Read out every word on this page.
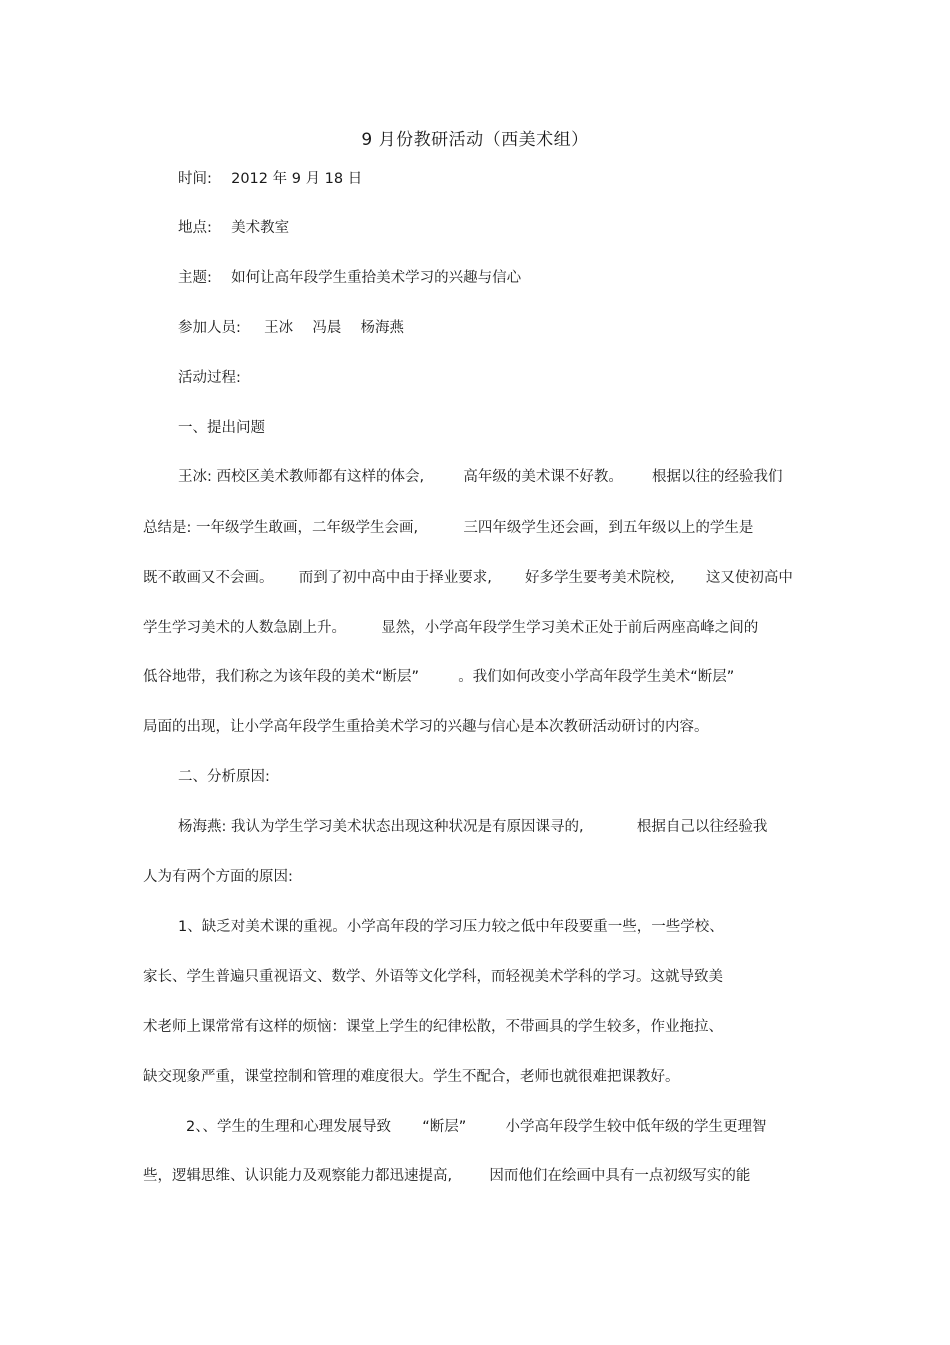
9 月份教研活动（西美术组）
时间: 2012 年 9 月 18 日
地点: 美术教室
主题: 如何让高年段学生重拾美术学习的兴趣与信心
参加人员: 王冰 冯晨 杨海燕
活动过程:
一、提出问题
王冰: 西校区美术教师都有这样的体会,	高年级的美术课不好教。 根据以往的经验我们
总结是: 一年级学生敢画，二年级学生会画,	三四年级学生还会画，到五年级以上的学生是
既不敢画又不会画。 而到了初中高中由于择业要求, 好多学生要考美术院校, 这又使初高中
学生学习美术的人数急剧上升。 显然，小学高年段学生学习美术正处于前后两座高峰之间的
低谷地带，我们称之为该年段的美术“断层”	。我们如何改变小学高年段学生美术“断层”
局面的出现，让小学高年段学生重拾美术学习的兴趣与信心是本次教研活动研讨的内容。
二、分析原因:
杨海燕: 我认为学生学习美术状态出现这种状况是有原因课寻的,	根据自己以往经验我
人为有两个方面的原因:
1、缺乏对美术课的重视。小学高年段的学习压力较之低中年段要重一些，一些学校、
家长、学生普遍只重视语文、数学、外语等文化学科，而轻视美术学科的学习。这就导致美
术老师上课常常有这样的烦恼：课堂上学生的纪律松散，不带画具的学生较多，作业拖拉、
缺交现象严重，课堂控制和管理的难度很大。学生不配合，老师也就很难把课教好。
2、、学生的生理和心理发展导致 “断层”	小学高年段学生较中低年级的学生更理智
些，逻辑思维、认识能力及观察能力都迅速提高,	因而他们在绘画中具有一点初级写实的能
